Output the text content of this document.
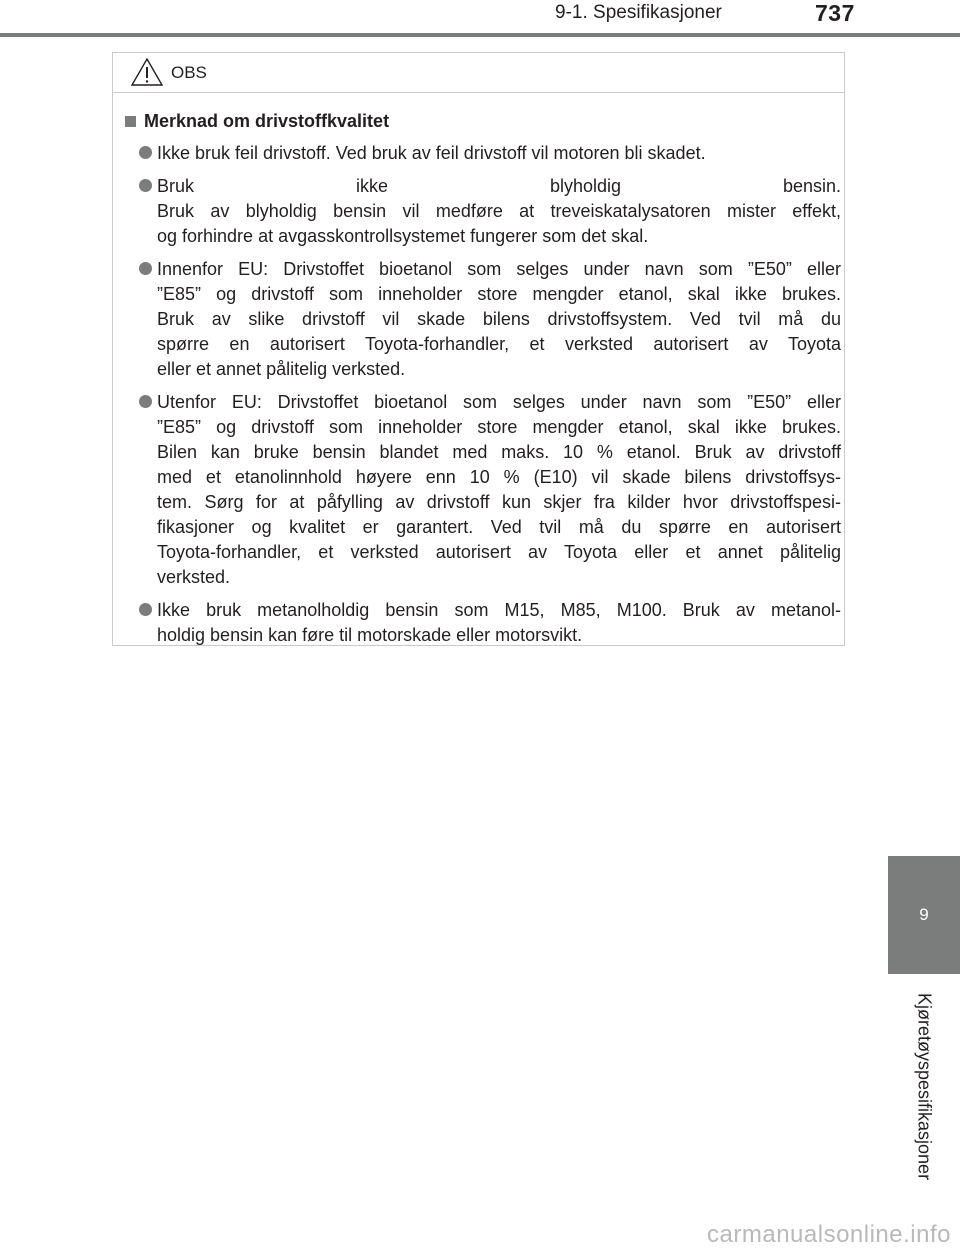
9-1. Spesifikasjoner	737
9
Kjøretøyspesifikasjoner
OBS
Merknad om drivstoffkvalitet
Ikke bruk feil drivstoff. Ved bruk av feil drivstoff vil motoren bli skadet.
Bruk ikke blyholdig bensin.
Bruk av blyholdig bensin vil medføre at treveiskatalysatoren mister effekt,
og forhindre at avgasskontrollsystemet fungerer som det skal.
Innenfor EU: Drivstoffet bioetanol som selges under navn som ”E50” eller
”E85” og drivstoff som inneholder store mengder etanol, skal ikke brukes.
Bruk av slike drivstoff vil skade bilens drivstoffsystem. Ved tvil må du
spørre en autorisert Toyota-forhandler, et verksted autorisert av Toyota
eller et annet pålitelig verksted.
Utenfor EU: Drivstoffet bioetanol som selges under navn som ”E50” eller
”E85” og drivstoff som inneholder store mengder etanol, skal ikke brukes.
Bilen kan bruke bensin blandet med maks. 10 % etanol. Bruk av drivstoff
med et etanolinnhold høyere enn 10 % (E10) vil skade bilens drivstoffsys-
tem. Sørg for at påfylling av drivstoff kun skjer fra kilder hvor drivstoffspesi-
fikasjoner og kvalitet er garantert. Ved tvil må du spørre en autorisert
Toyota-forhandler, et verksted autorisert av Toyota eller et annet pålitelig
verksted.
Ikke bruk metanolholdig bensin som M15, M85, M100. Bruk av metanol-
holdig bensin kan føre til motorskade eller motorsvikt.
carmanualsonline.info
